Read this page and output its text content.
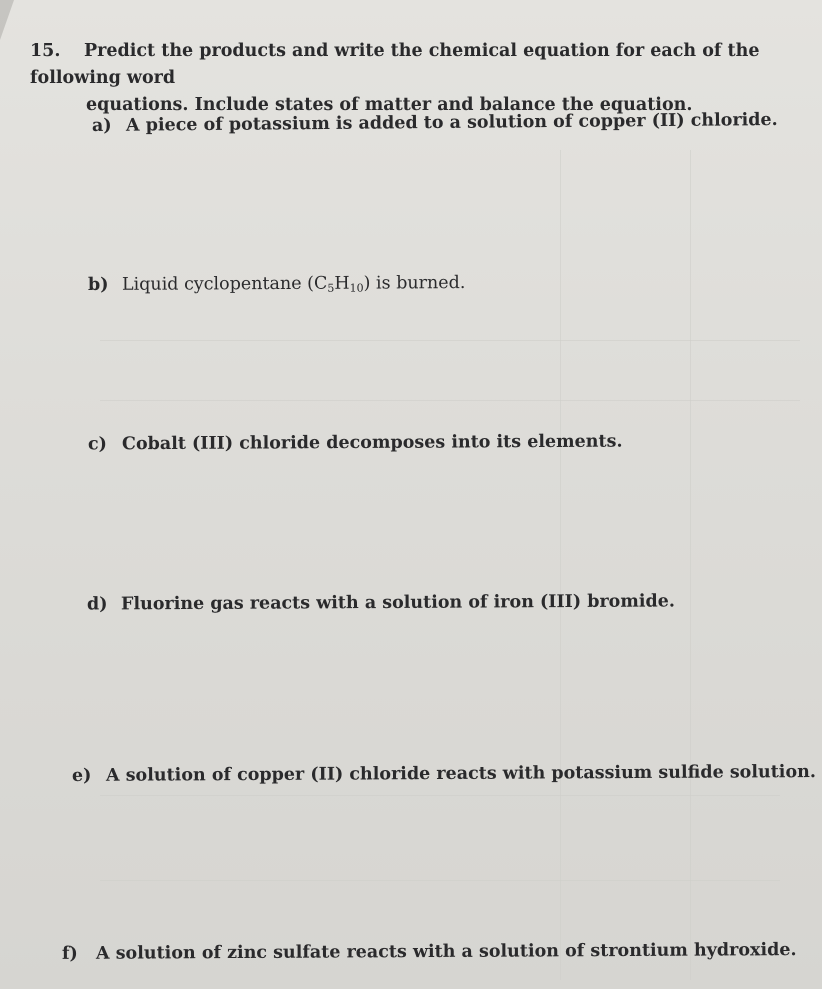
15. Predict the products and write the chemical equation for each of the following word
equations. Include states of matter and balance the equation.
a) A piece of potassium is added to a solution of copper (II) chloride.
b) Liquid cyclopentane $(C_5H_{10})$ is burned.
c) Cobalt (III) chloride decomposes into its elements.
d) Fluorine gas reacts with a solution of iron (III) bromide.
e) A solution of copper (II) chloride reacts with potassium sulfide solution.
f) A solution of zinc sulfate reacts with a solution of strontium hydroxide.
